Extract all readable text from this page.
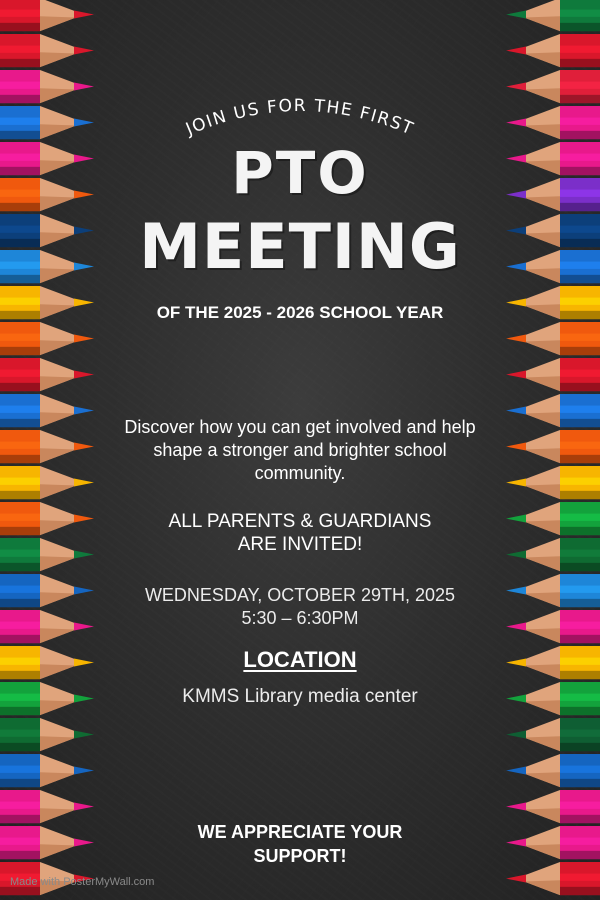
JOIN US FOR THE FIRST
PTO
MEETING
OF THE 2025 - 2026 SCHOOL YEAR
Discover how you can get involved and help shape a stronger and brighter school community.
ALL PARENTS & GUARDIANS
ARE INVITED!
WEDNESDAY, OCTOBER 29TH, 2025
5:30 – 6:30PM
LOCATION
KMMS Library media center
WE APPRECIATE YOUR
SUPPORT!
Made with PosterMyWall.com
